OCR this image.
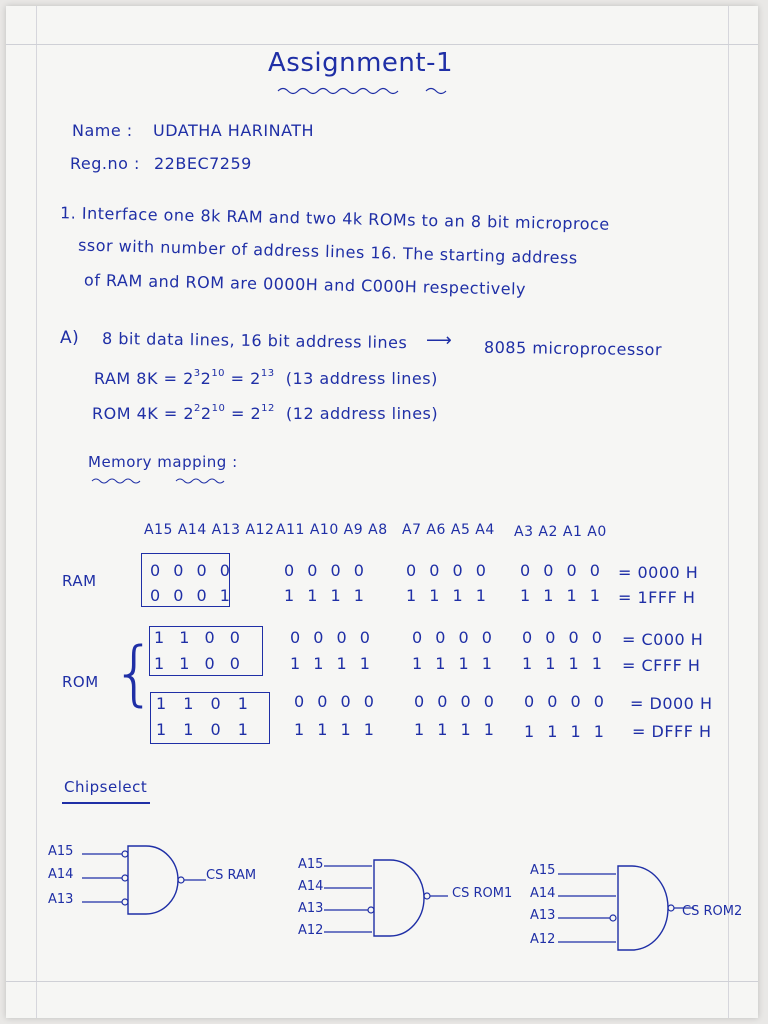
Assignment-1
Name : UDATHA HARINATH
Reg.no : 22BEC7259
1. Interface one 8k RAM and two 4k ROMs to an 8 bit microproce
ssor with number of address lines 16. The starting address
of RAM and ROM are 0000H and C000H respectively
A) 8 bit data lines, 16 bit address lines ⟶ 8085 microprocessor
RAM $8K = 2^32^{10} = 2^{13}$ (13 address lines)
ROM $4K = 2^22^{10} = 2^{12}$ (12 address lines)
Memory mapping :
A15 A14 A13 A12 A11 A10 A9 A8 A7 A6 A5 A4 A3 A2 A1 A0
RAM
ROM {
0 0 0 0	0 0 0 0 0 0 0 0 0 0 0 0 = 0000 H
0 0 0 1	1 1 1 1 1 1 1 1 1 1 1 1 = 1FFF H
1 1 0 0	0 0 0 0 0 0 0 0 0 0 0 0 = C000 H
1 1 0 0	1 1 1 1 1 1 1 1 1 1 1 1 = CFFF H
1 1 0 1	0 0 0 0 0 0 0 0 0 0 0 0 = D000 H
1 1 0 1	1 1 1 1 1 1 1 1 1 1 1 1 = DFFF H
Chipselect
A15
A14
A13
CS RAM
A15
A14
A13
A12
CS ROM1
A15
A14
A13
A12
CS ROM2
